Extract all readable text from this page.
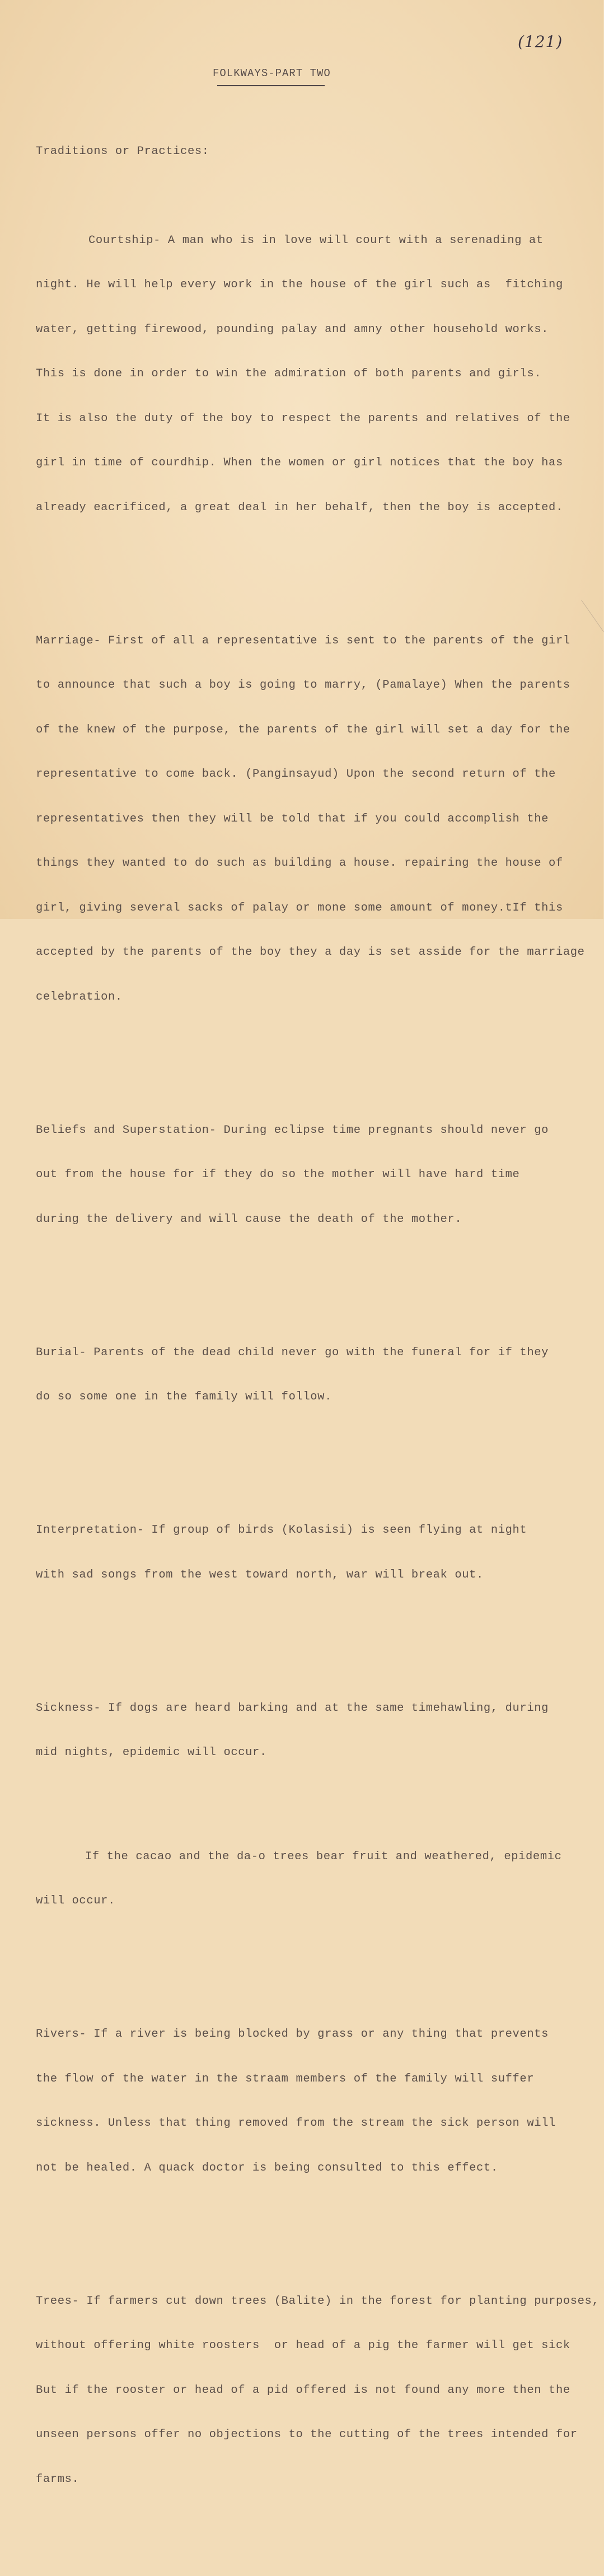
(121)
FOLKWAYS-PART TWO

Traditions or Practices:

Courtship- A man who is in love will court with a serenading at

night. He will help every work in the house of the girl such as  fitching

water, getting firewood, pounding palay and amny other household works.

This is done in order to win the admiration of both parents and girls.

It is also the duty of the boy to respect the parents and relatives of the

girl in time of courdhip. When the women or girl notices that the boy has

already eacrificed, a great deal in her behalf, then the boy is accepted.

Marriage- First of all a representative is sent to the parents of the girl

to announce that such a boy is going to marry, (Pamalaye) When the parents

of the knew of the purpose, the parents of the girl will set a day for the

representative to come back. (Panginsayud) Upon the second return of the

representatives then they will be told that if you could accomplish the

things they wanted to do such as building a house. repairing the house of

girl, giving several sacks of palay or mone some amount of money.tIf this

accepted by the parents of the boy they a day is set asside for the marriage

celebration.

Beliefs and Superstation- During eclipse time pregnants should never go

out from the house for if they do so the mother will have hard time

during the delivery and will cause the death of the mother.

Burial- Parents of the dead child never go with the funeral for if they

do so some one in the family will follow.

Interpretation- If group of birds (Kolasisi) is seen flying at night

with sad songs from the west toward north, war will break out.

Sickness- If dogs are heard barking and at the same timehawling, during

mid nights, epidemic will occur.

If the cacao and the da-o trees bear fruit and weathered, epidemic

will occur.

Rivers- If a river is being blocked by grass or any thing that prevents

the flow of the water in the straam members of the family will suffer

sickness. Unless that thing removed from the stream the sick person will

not be healed. A quack doctor is being consulted to this effect.

Trees- If farmers cut down trees (Balite) in the forest for planting purposes,

without offering white roosters  or head of a pig the farmer will get sick

But if the rooster or head of a pid offered is not found any more then the

unseen persons offer no objections to the cutting of the trees intended for

farms.
